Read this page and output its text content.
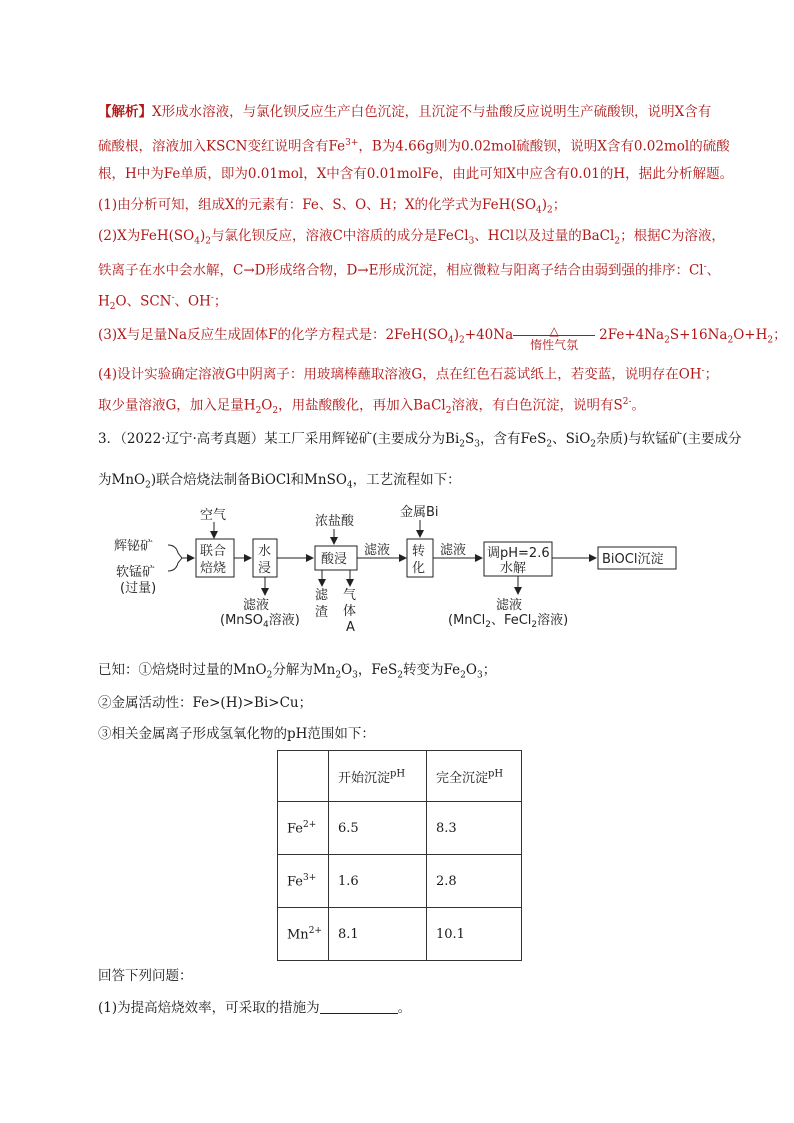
【解析】X形成水溶液，与氯化钡反应生产白色沉淀，且沉淀不与盐酸反应说明生产硫酸钡，说明X含有
硫酸根，溶液加入KSCN变红说明含有$Fe^{3+}$，B为4.66g则为0.02mol硫酸钡，说明X含有0.02mol的硫酸
根，H中为Fe单质，即为0.01mol，X中含有0.01molFe，由此可知X中应含有0.01的H，据此分析解题。
(1)由分析可知，组成X的元素有：Fe、S、O、H；X的化学式为$FeH(SO_4)_2$；
(2)X为$FeH(SO_4)_2$与氯化钡反应，溶液C中溶质的成分是FeCl$_3$、HCl以及过量的BaCl$_2$；根据C为溶液，
铁离子在水中会水解，C→D形成络合物，D→E形成沉淀，相应微粒与阳离子结合由弱到强的排序：Cl-、
$H_2O$、SCN-、OH-；
(3)X与足量Na反应生成固体F的化学方程式是：$2FeH(SO_4)_2+40Na$	△
惰性气氛
$2Fe+4Na_2S+16Na_2O+H_2$；
(4)设计实验确定溶液G中阴离子：用玻璃棒蘸取溶液G，点在红色石蕊试纸上，若变蓝，说明存在OH-；
取少量溶液G，加入足量$H_2O_2$，用盐酸酸化，再加入BaCl$_2$溶液，有白色沉淀，说明有$S^{2-}$。
3．（2022·辽宁·高考真题）某工厂采用辉铋矿(主要成分为$Bi_2S_3$，含有FeS$_2$、SiO$_2$杂质)与软锰矿(主要成分
为MnO$_2$)联合焙烧法制备BiOCl和MnSO$_4$，工艺流程如下：
辉铋矿
软锰矿
(过量)
空气
联合
焙烧
水
浸
滤液
(MnSO$_4$溶液)
浓盐酸
酸浸
滤
渣
气
体
A
滤液
金属Bi
转
化
滤液 调pH=2.6
水解
滤液
(MnCl$_2$、FeCl$_2$溶液)
BiOCl沉淀
已知：①焙烧时过量的MnO$_2$分解为$Mn_2O_3$，FeS$_2$转变为$Fe_2O_3$；
②金属活动性：Fe>(H)>Bi>Cu；
③相关金属离子形成氢氧化物的pH范围如下：
	开始沉淀$^{pH}$	完全沉淀$^{pH}$
$Fe^{2+}$	6.5	8.3
$Fe^{3+}$	1.6	2.8
$Mn^{2+}$	8.1	10.1
回答下列问题：
(1)为提高焙烧效率，可采取的措施为	。
